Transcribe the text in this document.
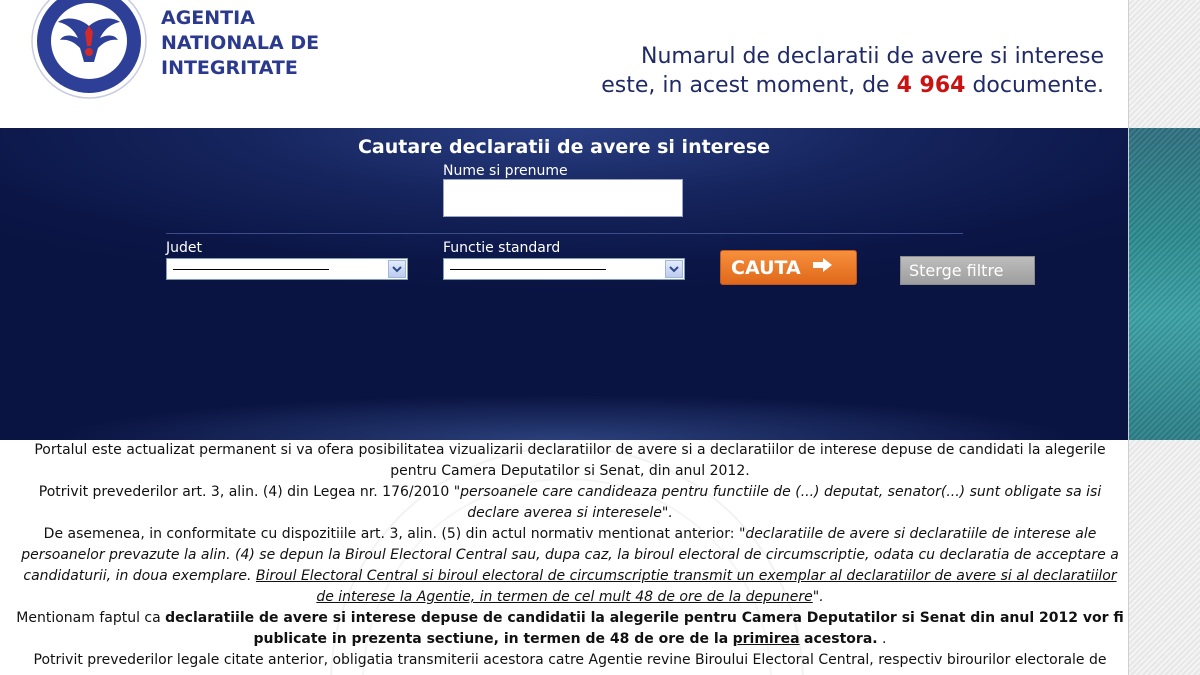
AGENTIA
NATIONALA DE
INTEGRITATE	Numarul de declaratii de avere si interese
este, in acest moment, de 4 964 documente.
Cautare declaratii de avere si interese
Nume si prenume
Judet	Functie standard
CAUTA	Sterge filtre

Portalul este actualizat permanent si va ofera posibilitatea vizualizarii declaratiilor de avere si a declaratiilor de interese depuse de candidati la alegerile pentru Camera Deputatilor si Senat, din anul 2012.

Potrivit prevederilor art. 3, alin. (4) din Legea nr. 176/2010 "persoanele care candideaza pentru functiile de (...) deputat, senator(...) sunt obligate sa isi declare averea si interesele".

De asemenea, in conformitate cu dispozitiile art. 3, alin. (5) din actul normativ mentionat anterior: "declaratiile de avere si declaratiile de interese ale persoanelor prevazute la alin. (4) se depun la Biroul Electoral Central sau, dupa caz, la biroul electoral de circumscriptie, odata cu declaratia de acceptare a candidaturii, in doua exemplare. Biroul Electoral Central si biroul electoral de circumscriptie transmit un exemplar al declaratiilor de avere si al declaratiilor de interese la Agentie, in termen de cel mult 48 de ore de la depunere".

Mentionam faptul ca declaratiile de avere si interese depuse de candidatii la alegerile pentru Camera Deputatilor si Senat din anul 2012 vor fi publicate in prezenta sectiune, in termen de 48 de ore de la primirea acestora. .

Potrivit prevederilor legale citate anterior, obligatia transmiterii acestora catre Agentie revine Biroului Electoral Central, respectiv birourilor electorale de
